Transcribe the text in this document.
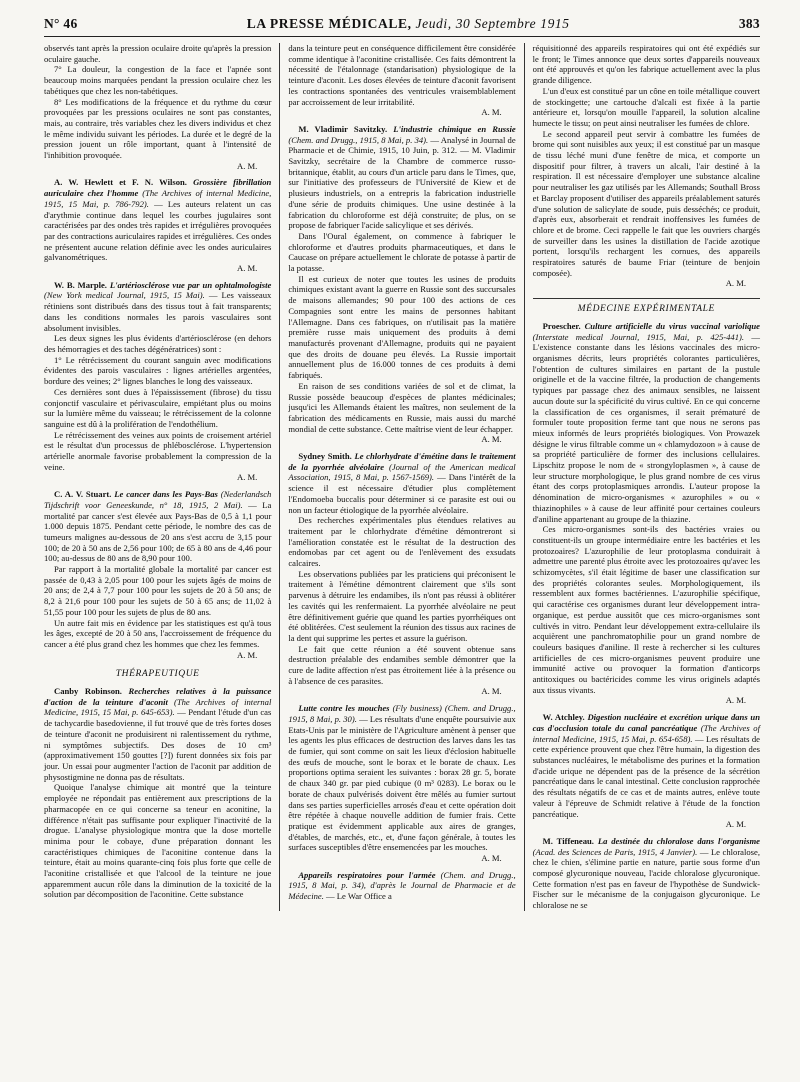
N° 46	LA PRESSE MÉDICALE, Jeudi, 30 Septembre 1915	383

observés tant après la pression oculaire droite qu'après la pression oculaire gauche.

7° La douleur, la congestion de la face et l'apnée sont beaucoup moins marquées pendant la pression oculaire chez les tabétiques que chez les non-tabétiques.

8° Les modifications de la fréquence et du rythme du cœur provoquées par les pressions oculaires ne sont pas constantes, mais, au contraire, très variables chez les divers individus et chez le même individu suivant les périodes. La durée et le degré de la pression jouent un rôle important, quant à l'intensité de l'inhibition provoquée.

A. M.

A. W. Hewlett et F. N. Wilson. Grossière fibrillation auriculaire chez l'homme (The Archives of internal Medicine, 1915, 15 Mai, p. 786-792). — Les auteurs relatent un cas d'arythmie continue dans lequel les courbes jugulaires sont caractérisées par des ondes très rapides et irrégulières provoquées par des contractions auriculaires rapides et irrégulières. Ces ondes ne présentent aucune relation définie avec les ondes auriculaires galvanométriques.

A. M.

W. B. Marple. L'artériosclérose vue par un ophtalmologiste (New York medical Journal, 1915, 15 Mai). — Les vaisseaux rétiniens sont distribués dans des tissus tout à fait transparents; dans les conditions normales les parois vasculaires sont absolument invisibles.

Les deux signes les plus évidents d'artériosclérose (en dehors des hémorragies et des taches dégénératrices) sont :

1° Le rétrécissement du courant sanguin avec modifications évidentes des parois vasculaires : lignes artérielles argentées, bordure des veines; 2° lignes blanches le long des vaisseaux.

Ces dernières sont dues à l'épaississement (fibrose) du tissu conjonctif vasculaire et périvasculaire, empiétant plus ou moins sur la lumière même du vaisseau; le rétrécissement de la colonne sanguine est dû à la prolifération de l'endothélium.

Le rétrécissement des veines aux points de croisement artériel est le résultat d'un processus de phlébosclérose. L'hypertension artérielle anormale favorise probablement la compression de la veine.

A. M.

C. A. V. Stuart. Le cancer dans les Pays-Bas (Nederlandsch Tijdschrift voor Geneeskunde, n° 18, 1915, 2 Mai). — La mortalité par cancer s'est élevée aux Pays-Bas de 0,5 à 1,1 pour 1.000 depuis 1875. Pendant cette période, le nombre des cas de tumeurs malignes au-dessous de 20 ans s'est accru de 3,15 pour 100; de 20 à 50 ans de 2,56 pour 100; de 65 à 80 ans de 4,46 pour 100; au-dessus de 80 ans de 8,90 pour 100.

Par rapport à la mortalité globale la mortalité par cancer est passée de 0,43 à 2,05 pour 100 pour les sujets âgés de moins de 20 ans; de 2,4 à 7,7 pour 100 pour les sujets de 20 à 50 ans; de 8,2 à 21,6 pour 100 pour les sujets de 50 à 65 ans; de 11,02 à 51,55 pour 100 pour les sujets de plus de 80 ans.

Un autre fait mis en évidence par les statistiques est qu'à tous les âges, excepté de 20 à 50 ans, l'accroissement de fréquence du cancer a été plus grand chez les hommes que chez les femmes.

A. M.
THÉRAPEUTIQUE

Canby Robinson. Recherches relatives à la puissance d'action de la teinture d'aconit (The Archives of internal Medicine, 1915, 15 Mai, p. 645-653). — Pendant l'étude d'un cas de tachycardie basedovienne, il fut trouvé que de très fortes doses de teinture d'aconit ne produisirent ni ralentissement du rythme, ni symptômes subjectifs. Des doses de 10 cm³ (approximativement 150 gouttes [?]) furent données six fois par jour. Un essai pour augmenter l'action de l'aconit par addition de physostigmine ne donna pas de résultats.

Quoique l'analyse chimique ait montré que la teinture employée ne répondait pas entièrement aux prescriptions de la pharmacopée en ce qui concerne sa teneur en aconitine, la différence n'était pas suffisante pour expliquer l'inactivité de la drogue. L'analyse physiologique montra que la dose mortelle minima pour le cobaye, d'une préparation donnant les caractéristiques chimiques de l'aconitine contenue dans la teinture, était au moins quarante-cinq fois plus forte que celle de l'aconitine cristallisée et que l'alcool de la teinture ne joue apparemment aucun rôle dans la diminution de la toxicité de la solution par décomposition de l'aconitine. Cette substance

dans la teinture peut en conséquence difficilement être considérée comme identique à l'aconitine cristallisée. Ces faits démontrent la nécessité de l'étalonnage (standarisation) physiologique de la teinture d'aconit. Les doses élevées de teinture d'aconit favorisent les contractions spontanées des ventricules vraisemblablement par accroissement de leur irritabilité.

A. M.

M. Vladimir Savitzky. L'industrie chimique en Russie (Chem. and Drugg., 1915, 8 Mai, p. 34). — Analysé in Journal de Pharmacie et de Chimie, 1915, 10 Juin, p. 312. — M. Vladimir Savitzky, secrétaire de la Chambre de commerce russo-britannique, établit, au cours d'un article paru dans le Times, que, sur l'initiative des professeurs de l'Université de Kiew et de plusieurs industriels, on a entrepris la fabrication industrielle d'une série de produits chimiques. Une usine destinée à la fabrication du chloroforme est déjà construite; de plus, on se propose de fabriquer l'acide salicylique et ses dérivés.

Dans l'Oural également, on commence à fabriquer le chloroforme et d'autres produits pharmaceutiques, et dans le Caucase on prépare actuellement le chlorate de potasse à partir de la potasse.

Il est curieux de noter que toutes les usines de produits chimiques existant avant la guerre en Russie sont des succursales de maisons allemandes; 90 pour 100 des actions de ces Compagnies sont entre les mains de personnes habitant l'Allemagne. Dans ces fabriques, on n'utilisait pas la matière première russe mais uniquement des produits à demi manufacturés provenant d'Allemagne, produits qui ne payaient que des droits de douane peu élevés. La Russie importait annuellement plus de 16.000 tonnes de ces produits à demi fabriqués.

En raison de ses conditions variées de sol et de climat, la Russie possède beaucoup d'espèces de plantes médicinales; jusqu'ici les Allemands étaient les maîtres, non seulement de la fabrication des médicaments en Russie, mais aussi du marché mondial de cette substance. Cette maîtrise vient de leur échapper.

A. M.

Sydney Smith. Le chlorhydrate d'émétine dans le traitement de la pyorrhée alvéolaire (Journal of the American medical Association, 1915, 8 Mai, p. 1567-1569). — Dans l'intérêt de la science il est nécessaire d'étudier plus complètement l'Endomoeba buccalis pour déterminer si ce parasite est oui ou non un facteur étiologique de la pyorrhée alvéolaire.

Des recherches expérimentales plus étendues relatives au traitement par le chlorhydrate d'émétine démontreront si l'amélioration constatée est le résultat de la destruction des endomobas par cet agent ou de l'enlèvement des exsudats calcaires.

Les observations publiées par les praticiens qui préconisent le traitement à l'émétine démontrent clairement que s'ils sont parvenus à détruire les endamibes, ils n'ont pas réussi à oblitérer les cavités qui les renfermaient. La pyorrhée alvéolaire ne peut être définitivement guérie que quand les parties pyorrhéiques ont été oblitérées. C'est seulement la réunion des tissus aux racines de la dent qui supprime les pertes et assure la guérison.

Le fait que cette réunion a été souvent obtenue sans destruction préalable des endamibes semble démontrer que la cure de ladite affection n'est pas étroitement liée à la présence ou à l'absence de ces parasites.

A. M.

Lutte contre les mouches (Fly business) (Chem. and Drugg., 1915, 8 Mai, p. 30). — Les résultats d'une enquête poursuivie aux Etats-Unis par le ministère de l'Agriculture amènent à penser que les agents les plus efficaces de destruction des larves dans les tas de fumier, qui sont comme on sait les lieux d'éclosion habituelle des œufs de mouche, sont le borax et le borate de chaux. Les proportions optima seraient les suivantes : borax 28 gr. 5, borate de chaux 340 gr. par pied cubique (0 m³ 0283). Le borax ou le borate de chaux pulvérisés doivent être mêlés au fumier surtout dans ses parties superficielles arrosés d'eau et cette opération doit être répétée à chaque nouvelle addition de fumier frais. Cette pratique est évidemment applicable aux aires de granges, d'étables, de marchés, etc., et, d'une façon générale, à toutes les surfaces susceptibles d'être ensemencées par les mouches.

A. M.

Appareils respiratoires pour l'armée (Chem. and Drugg., 1915, 8 Mai, p. 34), d'après le Journal de Pharmacie et de Médecine. — Le War Office a

réquisitionné des appareils respiratoires qui ont été expédiés sur le front; le Times annonce que deux sortes d'appareils nouveaux ont été approuvés et qu'on les fabrique actuellement avec la plus grande diligence.

L'un d'eux est constitué par un cône en toile métallique couvert de stockingette; une cartouche d'alcali est fixée à la partie antérieure et, lorsqu'on mouille l'appareil, la solution alcaline humecte le tissu; on peut ainsi neutraliser les fumées de chlore.

Le second appareil peut servir à combattre les fumées de brome qui sont nuisibles aux yeux; il est constitué par un masque de tissu léché muni d'une fenêtre de mica, et comporte un dispositif pour filtrer, à travers un alcali, l'air destiné à la respiration. Il est nécessaire d'employer une substance alcaline pour neutraliser les gaz utilisés par les Allemands; Southall Bross et Barclay proposent d'utiliser des appareils préalablement saturés d'une solution de salicylate de soude, puis desséchés; ce produit, d'après eux, absorberait et rendrait inoffensives les fumées de chlore et de brome. Ceci rappelle le fait que les ouvriers chargés de surveiller dans les usines la distillation de l'acide azotique portent, lorsqu'ils rechargent les cornues, des appareils respiratoires saturés de baume Friar (teinture de benjoin composée).

A. M.
MÉDECINE EXPÉRIMENTALE

Proescher. Culture artificielle du virus vaccinal variolique (Interstate medical Journal, 1915, Mai, p. 425-441). — L'existence constante dans les lésions vaccinales des micro-organismes décrits, leurs propriétés colorantes particulières, l'obtention de cultures similaires en partant de la pustule originelle et de la vaccine filtrée, la production de changements typiques par passage chez des animaux sensibles, ne laissent aucun doute sur la spécificité du virus cultivé. En ce qui concerne la classification de ces organismes, il serait prématuré de formuler toute proposition ferme tant que nous ne serons pas mieux informés de leurs propriétés biologiques. Von Prowazek désigne le virus filtrable comme un « chlamydozoon » à cause de sa propriété particulière de former des inclusions cellulaires. Lipschitz propose le nom de « strongyloplasmen », à cause de leur structure morphologique, le plus grand nombre de ces virus étant des corps protoplasmiques arrondis. L'auteur propose la dénomination de micro-organismes « azurophiles » ou « thiazinophiles » à cause de leur affinité pour certaines couleurs d'aniline appartenant au groupe de la thiazine.

Ces micro-organismes sont-ils des bactéries vraies ou constituent-ils un groupe intermédiaire entre les bactéries et les protozoaires? L'azurophilie de leur protoplasma conduirait à admettre une parenté plus étroite avec les protozoaires qu'avec les schizomycètes, s'il était légitime de baser une classification sur des propriétés colorantes seules. Morphologiquement, ils ressemblent aux formes bactériennes. L'azurophilie spécifique, qui caractérise ces organismes durant leur développement intra-organique, est perdue aussitôt que ces micro-organismes sont cultivés in vitro. Pendant leur développement extra-cellulaire ils acquièrent une panchromatophilie pour un grand nombre de couleurs basiques d'aniline. Il reste à rechercher si les cultures artificielles de ces micro-organismes peuvent produire une immunité active ou provoquer la formation d'anticorps antitoxiques ou bactéricides comme les virus originels adaptés aux tissus vivants.

A. M.

W. Atchley. Digestion nucléaire et excrétion urique dans un cas d'occlusion totale du canal pancréatique (The Archives of internal Medicine, 1915, 15 Mai, p. 654-658). — Les résultats de cette expérience prouvent que chez l'être humain, la digestion des substances nucléaires, le métabolisme des purines et la formation d'acide urique ne dépendent pas de la présence de la sécrétion pancréatique dans le canal intestinal. Cette conclusion rapprochée des résultats négatifs de ce cas et de maints autres, enlève toute valeur à l'épreuve de Schmidt relative à l'étude de la fonction pancréatique.

A. M.

M. Tiffeneau. La destinée du chloralose dans l'organisme (Acad. des Sciences de Paris, 1915, 4 Janvier). — Le chloralose, chez le chien, s'élimine partie en nature, partie sous forme d'un composé glycuronique nouveau, l'acide chloralose glycuronique. Cette formation n'est pas en faveur de l'hypothèse de Sundwick-Fischer sur le mécanisme de la conjugaison glycuronique. Le chloralose ne se
